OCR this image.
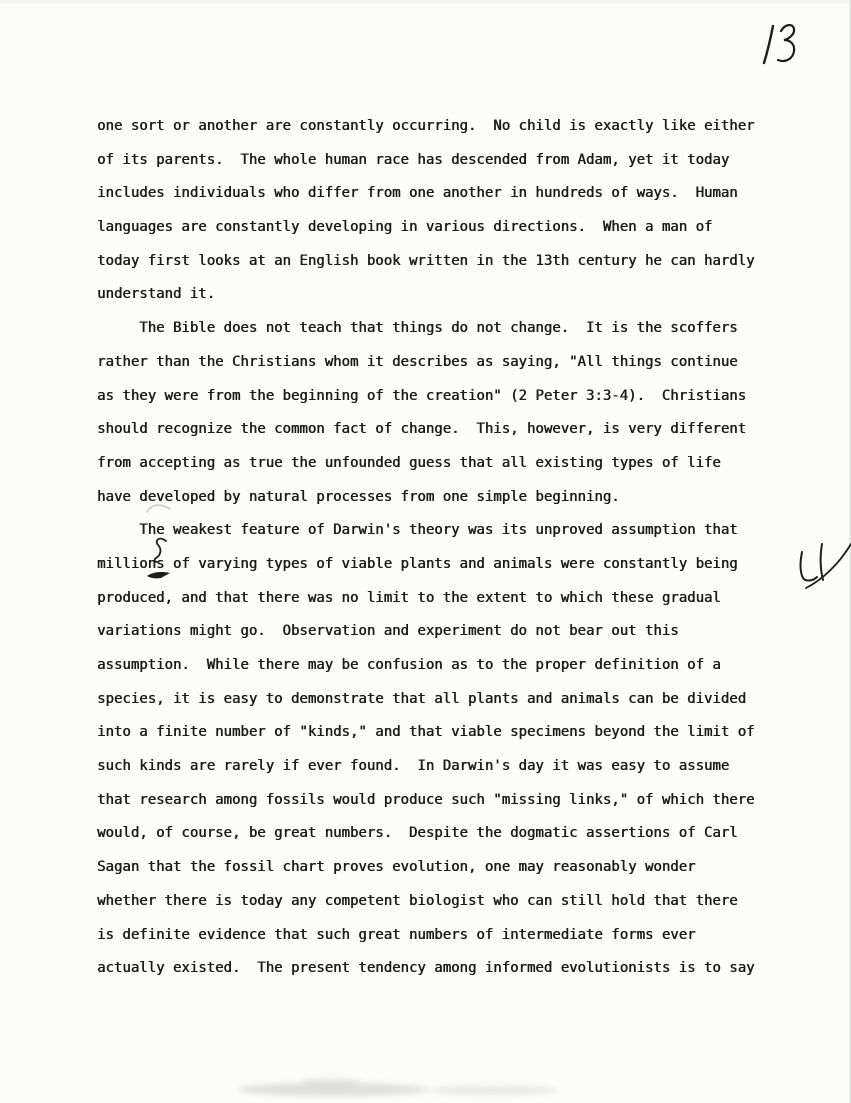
one sort or another are constantly occurring.  No child is exactly like either
of its parents.  The whole human race has descended from Adam, yet it today
includes individuals who differ from one another in hundreds of ways.  Human
languages are constantly developing in various directions.  When a man of
today first looks at an English book written in the 13th century he can hardly
understand it.
The Bible does not teach that things do not change.  It is the scoffers
rather than the Christians whom it describes as saying, "All things continue
as they were from the beginning of the creation" (2 Peter 3:3-4).  Christians
should recognize the common fact of change.  This, however, is very different
from accepting as true the unfounded guess that all existing types of life
have developed by natural processes from one simple beginning.
The weakest feature of Darwin's theory was its unproved assumption that
millions of varying types of viable plants and animals were constantly being
produced, and that there was no limit to the extent to which these gradual
variations might go.  Observation and experiment do not bear out this
assumption.  While there may be confusion as to the proper definition of a
species, it is easy to demonstrate that all plants and animals can be divided
into a finite number of "kinds," and that viable specimens beyond the limit of
such kinds are rarely if ever found.  In Darwin's day it was easy to assume
that research among fossils would produce such "missing links," of which there
would, of course, be great numbers.  Despite the dogmatic assertions of Carl
Sagan that the fossil chart proves evolution, one may reasonably wonder
whether there is today any competent biologist who can still hold that there
is definite evidence that such great numbers of intermediate forms ever
actually existed.  The present tendency among informed evolutionists is to say
